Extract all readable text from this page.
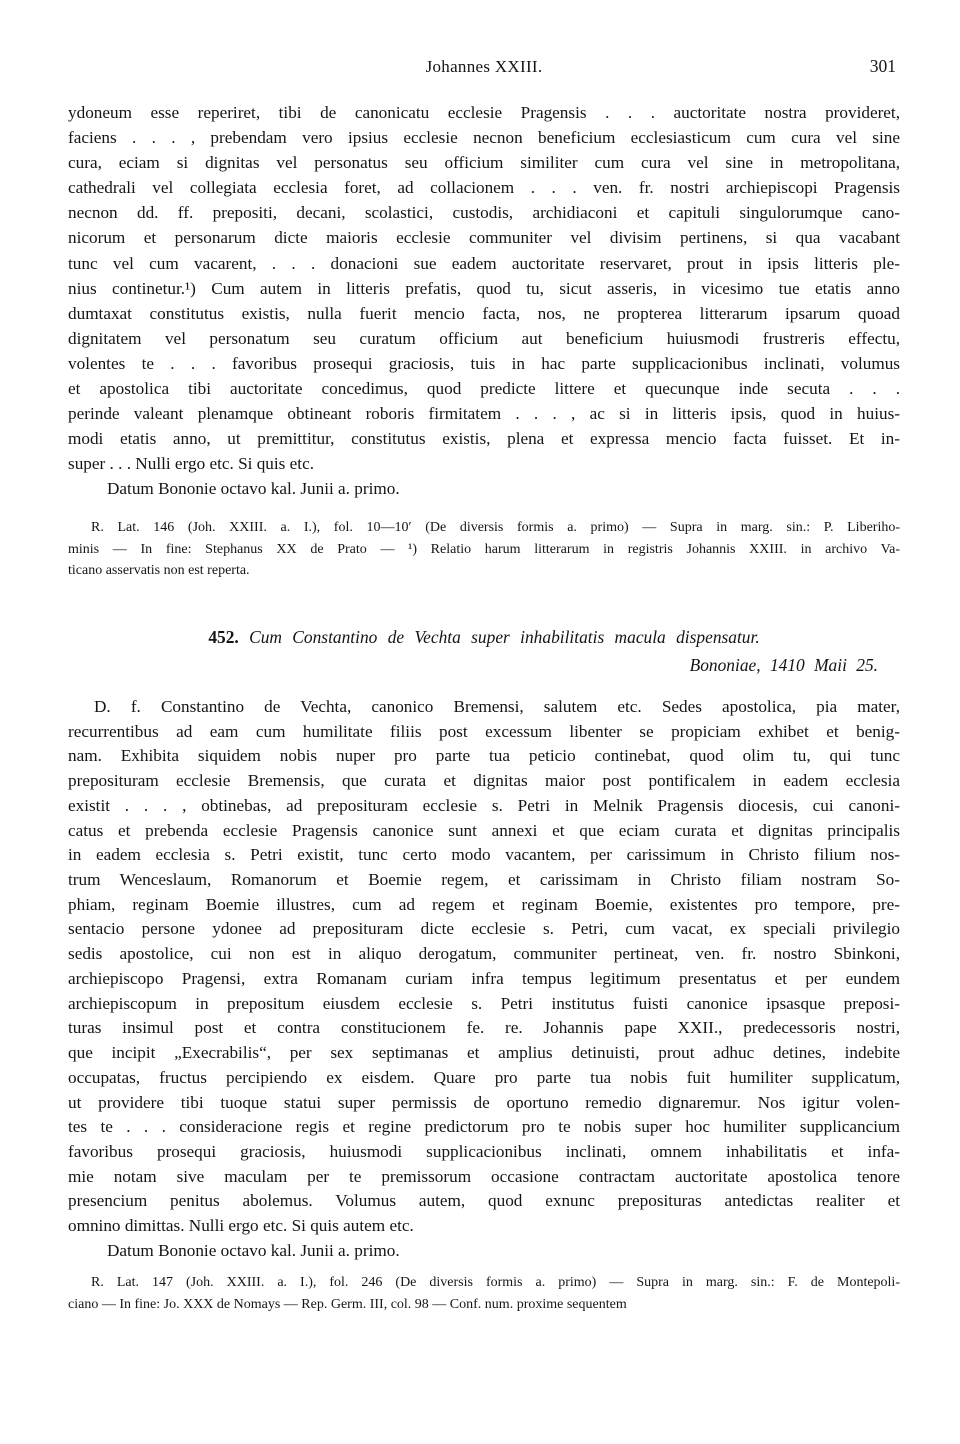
Johannes XXIII.	301
ydoneum esse reperiret, tibi de canonicatu ecclesie Pragensis . . . auctoritate nostra provideret,
faciens . . . , prebendam vero ipsius ecclesie necnon beneficium ecclesiasticum cum cura vel sine
cura, eciam si dignitas vel personatus seu officium similiter cum cura vel sine in metropolitana,
cathedrali vel collegiata ecclesia foret, ad collacionem . . . ven. fr. nostri archiepiscopi Pragensis
necnon dd. ff. prepositi, decani, scolastici, custodis, archidiaconi et capituli singulorumque cano-
nicorum et personarum dicte maioris ecclesie communiter vel divisim pertinens, si qua vacabant
tunc vel cum vacarent, . . . donacioni sue eadem auctoritate reservaret, prout in ipsis litteris ple-
nius continetur.¹) Cum autem in litteris prefatis, quod tu, sicut asseris, in vicesimo tue etatis anno
dumtaxat constitutus existis, nulla fuerit mencio facta, nos, ne propterea litterarum ipsarum quoad
dignitatem vel personatum seu curatum officium aut beneficium huiusmodi frustreris effectu,
volentes te . . . favoribus prosequi graciosis, tuis in hac parte supplicacionibus inclinati, volumus
et apostolica tibi auctoritate concedimus, quod predicte littere et quecunque inde secuta . . .
perinde valeant plenamque obtineant roboris firmitatem . . . , ac si in litteris ipsis, quod in huius-
modi etatis anno, ut premittitur, constitutus existis, plena et expressa mencio facta fuisset. Et in-
super . . . Nulli ergo etc. Si quis etc.
Datum Bononie octavo kal. Junii a. primo.
R. Lat. 146 (Joh. XXIII. a. I.), fol. 10—10′ (De diversis formis a. primo) — Supra in marg. sin.: P. Liberiho-
minis — In fine: Stephanus XX de Prato — ¹) Relatio harum litterarum in registris Johannis XXIII. in archivo Va-
ticano asservatis non est reperta.
452. Cum Constantino de Vechta super inhabilitatis macula dispensatur.
Bononiae, 1410 Maii 25.
D. f. Constantino de Vechta, canonico Bremensi, salutem etc. Sedes apostolica, pia mater,
recurrentibus ad eam cum humilitate filiis post excessum libenter se propiciam exhibet et benig-
nam. Exhibita siquidem nobis nuper pro parte tua peticio continebat, quod olim tu, qui tunc
preposituram ecclesie Bremensis, que curata et dignitas maior post pontificalem in eadem ecclesia
existit . . . , obtinebas, ad preposituram ecclesie s. Petri in Melnik Pragensis diocesis, cui canoni-
catus et prebenda ecclesie Pragensis canonice sunt annexi et que eciam curata et dignitas principalis
in eadem ecclesia s. Petri existit, tunc certo modo vacantem, per carissimum in Christo filium nos-
trum Wenceslaum, Romanorum et Boemie regem, et carissimam in Christo filiam nostram So-
phiam, reginam Boemie illustres, cum ad regem et reginam Boemie, existentes pro tempore, pre-
sentacio persone ydonee ad preposituram dicte ecclesie s. Petri, cum vacat, ex speciali privilegio
sedis apostolice, cui non est in aliquo derogatum, communiter pertineat, ven. fr. nostro Sbinkoni,
archiepiscopo Pragensi, extra Romanam curiam infra tempus legitimum presentatus et per eundem
archiepiscopum in prepositum eiusdem ecclesie s. Petri institutus fuisti canonice ipsasque preposi-
turas insimul post et contra constitucionem fe. re. Johannis pape XXII., predecessoris nostri,
que incipit „Execrabilis“, per sex septimanas et amplius detinuisti, prout adhuc detines, indebite
occupatas, fructus percipiendo ex eisdem. Quare pro parte tua nobis fuit humiliter supplicatum,
ut providere tibi tuoque statui super permissis de oportuno remedio dignaremur. Nos igitur volen-
tes te . . . consideracione regis et regine predictorum pro te nobis super hoc humiliter supplicancium
favoribus prosequi graciosis, huiusmodi supplicacionibus inclinati, omnem inhabilitatis et infa-
mie notam sive maculam per te premissorum occasione contractam auctoritate apostolica tenore
presencium penitus abolemus. Volumus autem, quod exnunc preposituras antedictas realiter et
omnino dimittas. Nulli ergo etc. Si quis autem etc.
Datum Bononie octavo kal. Junii a. primo.
R. Lat. 147 (Joh. XXIII. a. I.), fol. 246 (De diversis formis a. primo) — Supra in marg. sin.: F. de Montepoli-
ciano — In fine: Jo. XXX de Nomays — Rep. Germ. III, col. 98 — Conf. num. proxime sequentem
